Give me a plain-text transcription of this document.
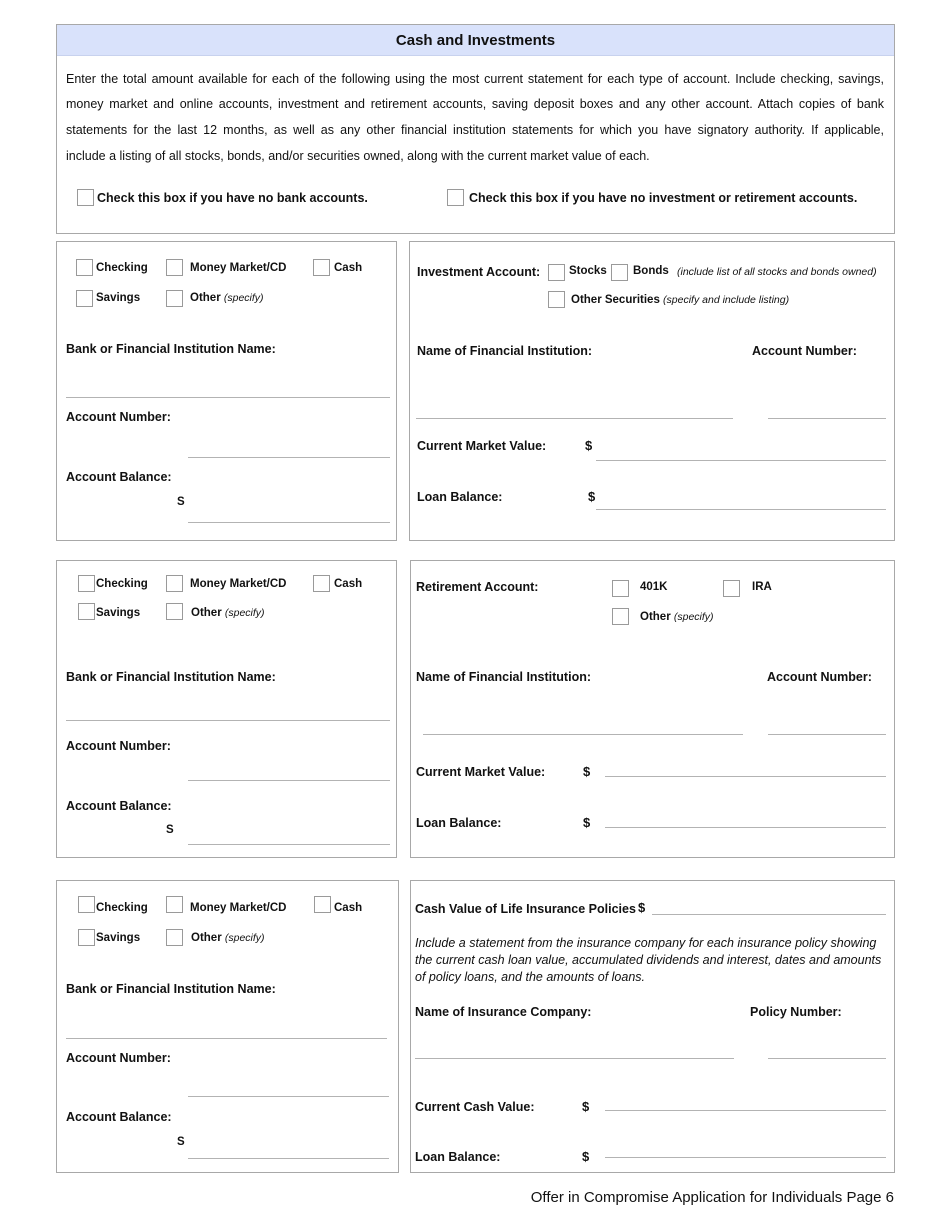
Cash and Investments

Enter the total amount available for each of the following using the most current statement for each type of account. Include checking, savings,

money market and online accounts, investment and retirement accounts, saving deposit boxes and any other account. Attach copies of bank

statements for the last 12 months, as well as any other financial institution statements for which you have signatory authority. If applicable,

include a listing of all stocks, bonds, and/or securities owned, along with the current market value of each.

Check this box if you have no bank accounts.	Check this box if you have no investment or retirement accounts.
Checking	Money Market/CD	Cash
Savings	Other (specify)
Bank or Financial Institution Name:
Account Number:
Account Balance:
S
Investment Account:	Stocks Bonds (include list of all stocks and bonds owned)
Other Securities (specify and include listing)
Name of Financial Institution:	Account Number:
Current Market Value:	$
Loan Balance:	$
Checking	Money Market/CD	Cash
Savings	Other (specify)
Bank or Financial Institution Name:
Account Number:
Account Balance:
S
Retirement Account:	401K	IRA
Other (specify)
Name of Financial Institution:	Account Number:
Current Market Value:	$
Loan Balance:	$
Checking	Money Market/CD	Cash
Savings	Other (specify)
Bank or Financial Institution Name:
Account Number:
Account Balance:
S
Cash Value of Life Insurance Policies $
Include a statement from the insurance company for each insurance policy showing
the current cash loan value, accumulated dividends and interest, dates and amounts
of policy loans, and the amounts of loans.
Name of Insurance Company:	Policy Number:
Current Cash Value:	$
Loan Balance:	$
Offer in Compromise Application for Individuals Page 6
